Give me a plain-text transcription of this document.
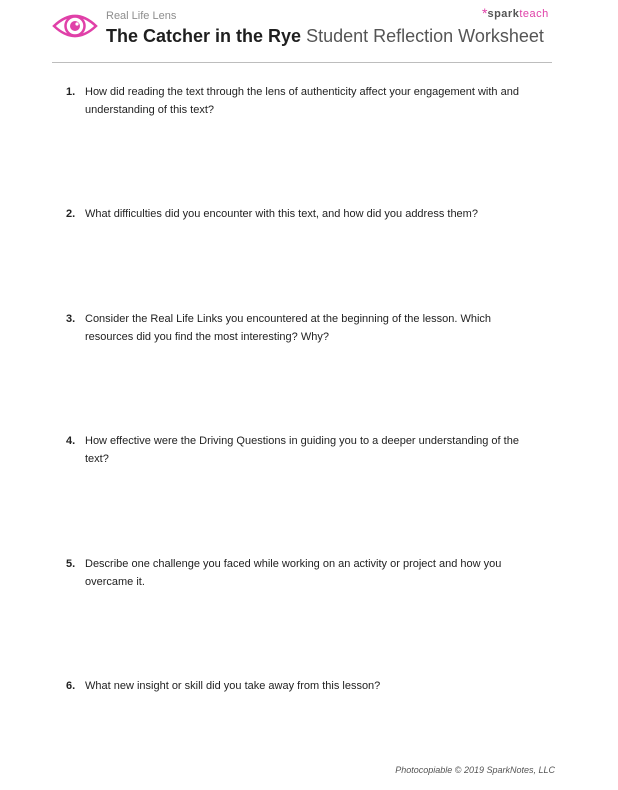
Real Life Lens
The Catcher in the Rye Student Reflection Worksheet
*sparkteach
1. How did reading the text through the lens of authenticity affect your engagement with and understanding of this text?
2. What difficulties did you encounter with this text, and how did you address them?
3. Consider the Real Life Links you encountered at the beginning of the lesson. Which resources did you find the most interesting? Why?
4. How effective were the Driving Questions in guiding you to a deeper understanding of the text?
5. Describe one challenge you faced while working on an activity or project and how you overcame it.
6. What new insight or skill did you take away from this lesson?
Photocopiable © 2019 SparkNotes, LLC
